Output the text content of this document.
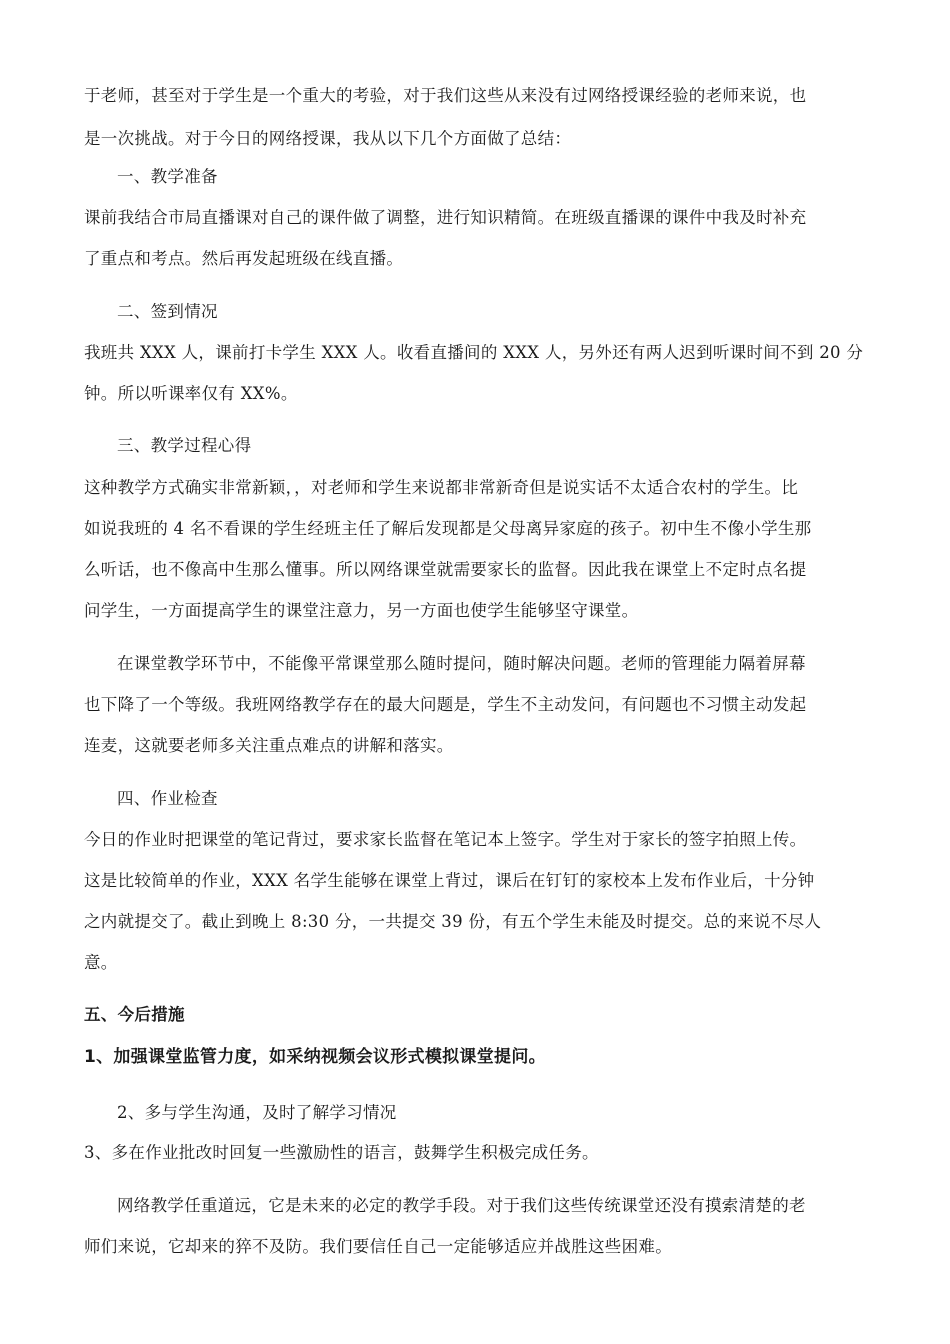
于老师，甚至对于学生是一个重大的考验，对于我们这些从来没有过网络授课经验的老师来说，也
是一次挑战。对于今日的网络授课，我从以下几个方面做了总结：
一、教学准备
课前我结合市局直播课对自己的课件做了调整，进行知识精简。在班级直播课的课件中我及时补充
了重点和考点。然后再发起班级在线直播。
二、签到情况
我班共 XXX 人，课前打卡学生 XXX 人。收看直播间的 XXX 人，另外还有两人迟到听课时间不到 20 分
钟。所以听课率仅有 XX%。
三、教学过程心得
这种教学方式确实非常新颖，，对老师和学生来说都非常新奇但是说实话不太适合农村的学生。比
如说我班的 4 名不看课的学生经班主任了解后发现都是父母离异家庭的孩子。初中生不像小学生那
么听话，也不像高中生那么懂事。所以网络课堂就需要家长的监督。因此我在课堂上不定时点名提
问学生，一方面提高学生的课堂注意力，另一方面也使学生能够坚守课堂。
在课堂教学环节中，不能像平常课堂那么随时提问，随时解决问题。老师的管理能力隔着屏幕
也下降了一个等级。我班网络教学存在的最大问题是，学生不主动发问，有问题也不习惯主动发起
连麦，这就要老师多关注重点难点的讲解和落实。
四、作业检查
今日的作业时把课堂的笔记背过，要求家长监督在笔记本上签字。学生对于家长的签字拍照上传。
这是比较简单的作业，XXX 名学生能够在课堂上背过，课后在钉钉的家校本上发布作业后，十分钟
之内就提交了。截止到晚上 8:30 分，一共提交 39 份，有五个学生未能及时提交。总的来说不尽人
意。
五、今后措施
1、加强课堂监管力度，如采纳视频会议形式模拟课堂提问。
2、多与学生沟通，及时了解学习情况
3、多在作业批改时回复一些激励性的语言，鼓舞学生积极完成任务。
网络教学任重道远，它是未来的必定的教学手段。对于我们这些传统课堂还没有摸索清楚的老
师们来说，它却来的猝不及防。我们要信任自己一定能够适应并战胜这些困难。
